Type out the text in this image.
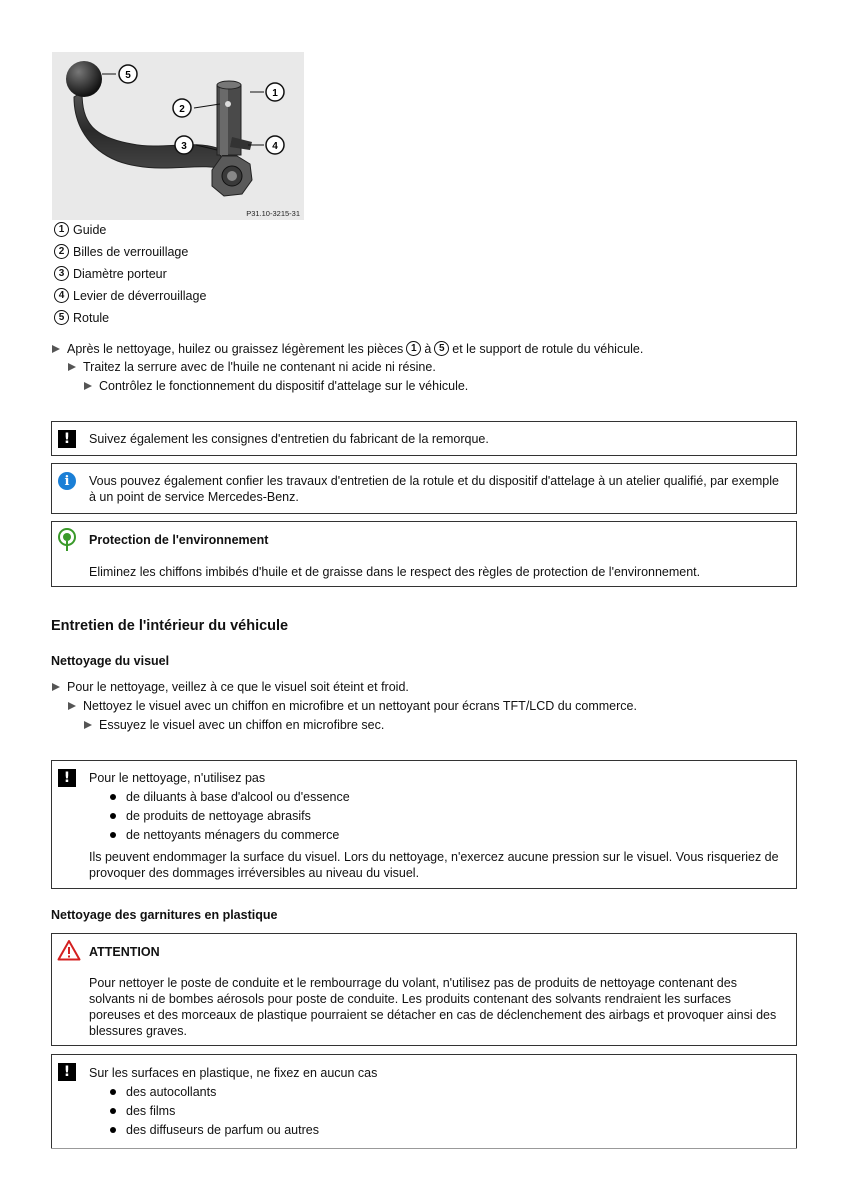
5
2
1
3	4
P31.10-3215-31
1 Guide
2 Billes de verrouillage
3 Diamètre porteur
4 Levier de déverrouillage
5 Rotule
Après le nettoyage, huilez ou graissez légèrement les pièces 1 à 5 et le support de rotule du véhicule.
Traitez la serrure avec de l'huile ne contenant ni acide ni résine.
Contrôlez le fonctionnement du dispositif d'attelage sur le véhicule.
!	Suivez également les consignes d'entretien du fabricant de la remorque.
i	Vous pouvez également confier les travaux d'entretien de la rotule et du dispositif d'attelage à un atelier qualifié, par exemple à un point de service Mercedes-Benz.
Protection de l'environnement
Eliminez les chiffons imbibés d'huile et de graisse dans le respect des règles de protection de l'environnement.
Entretien de l'intérieur du véhicule
Nettoyage du visuel
Pour le nettoyage, veillez à ce que le visuel soit éteint et froid.
Nettoyez le visuel avec un chiffon en microfibre et un nettoyant pour écrans TFT/LCD du commerce.
Essuyez le visuel avec un chiffon en microfibre sec.
!	Pour le nettoyage, n'utilisez pas
de diluants à base d'alcool ou d'essence
de produits de nettoyage abrasifs
de nettoyants ménagers du commerce
Ils peuvent endommager la surface du visuel. Lors du nettoyage, n'exercez aucune pression sur le visuel. Vous risqueriez de provoquer des dommages irréversibles au niveau du visuel.
Nettoyage des garnitures en plastique
ATTENTION
Pour nettoyer le poste de conduite et le rembourrage du volant, n'utilisez pas de produits de nettoyage contenant des solvants ni de bombes aérosols pour poste de conduite. Les produits contenant des solvants rendraient les surfaces poreuses et des morceaux de plastique pourraient se détacher en cas de déclenchement des airbags et provoquer ainsi des blessures graves.
!	Sur les surfaces en plastique, ne fixez en aucun cas
des autocollants
des films
des diffuseurs de parfum ou autres
